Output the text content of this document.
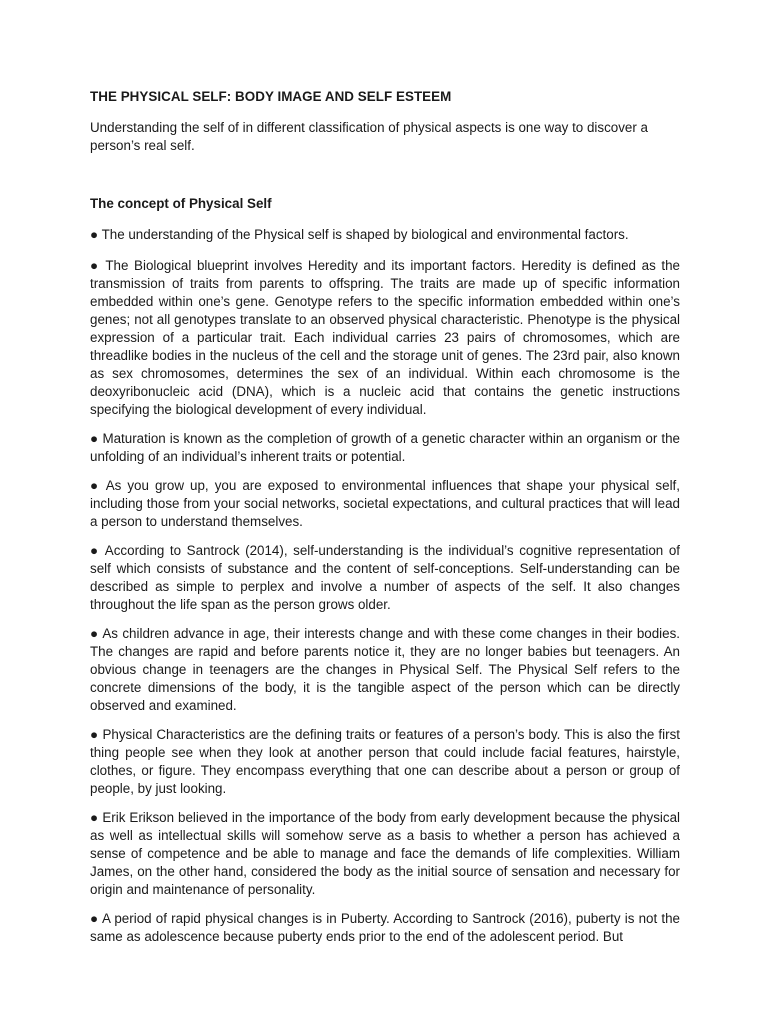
THE PHYSICAL SELF: BODY IMAGE AND SELF ESTEEM
Understanding the self of in different classification of physical aspects is one way to discover a person’s real self.
The concept of Physical Self
● The understanding of the Physical self is shaped by biological and environmental factors.
● The Biological blueprint involves Heredity and its important factors. Heredity is defined as the transmission of traits from parents to offspring. The traits are made up of specific information embedded within one’s gene. Genotype refers to the specific information embedded within one’s genes; not all genotypes translate to an observed physical characteristic. Phenotype is the physical expression of a particular trait. Each individual carries 23 pairs of chromosomes, which are threadlike bodies in the nucleus of the cell and the storage unit of genes. The 23rd pair, also known as sex chromosomes, determines the sex of an individual. Within each chromosome is the deoxyribonucleic acid (DNA), which is a nucleic acid that contains the genetic instructions specifying the biological development of every individual.
● Maturation is known as the completion of growth of a genetic character within an organism or the unfolding of an individual’s inherent traits or potential.
● As you grow up, you are exposed to environmental influences that shape your physical self, including those from your social networks, societal expectations, and cultural practices that will lead a person to understand themselves.
● According to Santrock (2014), self-understanding is the individual’s cognitive representation of self which consists of substance and the content of self-conceptions. Self-understanding can be described as simple to perplex and involve a number of aspects of the self. It also changes throughout the life span as the person grows older.
● As children advance in age, their interests change and with these come changes in their bodies. The changes are rapid and before parents notice it, they are no longer babies but teenagers. An obvious change in teenagers are the changes in Physical Self. The Physical Self refers to the concrete dimensions of the body, it is the tangible aspect of the person which can be directly observed and examined.
● Physical Characteristics are the defining traits or features of a person’s body. This is also the first thing people see when they look at another person that could include facial features, hairstyle, clothes, or figure. They encompass everything that one can describe about a person or group of people, by just looking.
● Erik Erikson believed in the importance of the body from early development because the physical as well as intellectual skills will somehow serve as a basis to whether a person has achieved a sense of competence and be able to manage and face the demands of life complexities. William James, on the other hand, considered the body as the initial source of sensation and necessary for origin and maintenance of personality.
● A period of rapid physical changes is in Puberty. According to Santrock (2016), puberty is not the same as adolescence because puberty ends prior to the end of the adolescent period. But
